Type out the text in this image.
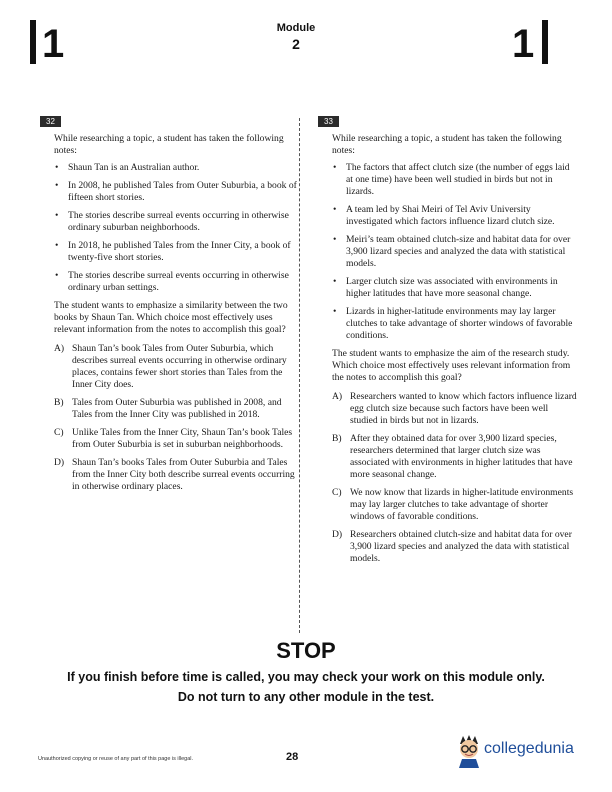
1	Module
2	1
32
While researching a topic, a student has taken the following notes:
• Shaun Tan is an Australian author.
• In 2008, he published Tales from Outer Suburbia, a book of fifteen short stories.
• The stories describe surreal events occurring in otherwise ordinary suburban neighborhoods.
• In 2018, he published Tales from the Inner City, a book of twenty-five short stories.
• The stories describe surreal events occurring in otherwise ordinary urban settings.
The student wants to emphasize a similarity between the two books by Shaun Tan. Which choice most effectively uses relevant information from the notes to accomplish this goal?
A) Shaun Tan’s book Tales from Outer Suburbia, which describes surreal events occurring in otherwise ordinary places, contains fewer short stories than Tales from the Inner City does.
B) Tales from Outer Suburbia was published in 2008, and Tales from the Inner City was published in 2018.
C) Unlike Tales from the Inner City, Shaun Tan’s book Tales from Outer Suburbia is set in suburban neighborhoods.
D) Shaun Tan’s books Tales from Outer Suburbia and Tales from the Inner City both describe surreal events occurring in otherwise ordinary places.
33
While researching a topic, a student has taken the following notes:
• The factors that affect clutch size (the number of eggs laid at one time) have been well studied in birds but not in lizards.
• A team led by Shai Meiri of Tel Aviv University investigated which factors influence lizard clutch size.
• Meiri’s team obtained clutch-size and habitat data for over 3,900 lizard species and analyzed the data with statistical models.
• Larger clutch size was associated with environments in higher latitudes that have more seasonal change.
• Lizards in higher-latitude environments may lay larger clutches to take advantage of shorter windows of favorable conditions.
The student wants to emphasize the aim of the research study. Which choice most effectively uses relevant information from the notes to accomplish this goal?
A) Researchers wanted to know which factors influence lizard egg clutch size because such factors have been well studied in birds but not in lizards.
B) After they obtained data for over 3,900 lizard species, researchers determined that larger clutch size was associated with environments in higher latitudes that have more seasonal change.
C) We now know that lizards in higher-latitude environments may lay larger clutches to take advantage of shorter windows of favorable conditions.
D) Researchers obtained clutch-size and habitat data for over 3,900 lizard species and analyzed the data with statistical models.
STOP
If you finish before time is called, you may check your work on this module only.
Do not turn to any other module in the test.
Unauthorized copying or reuse of any part of this page is illegal.	28	collegedunia
